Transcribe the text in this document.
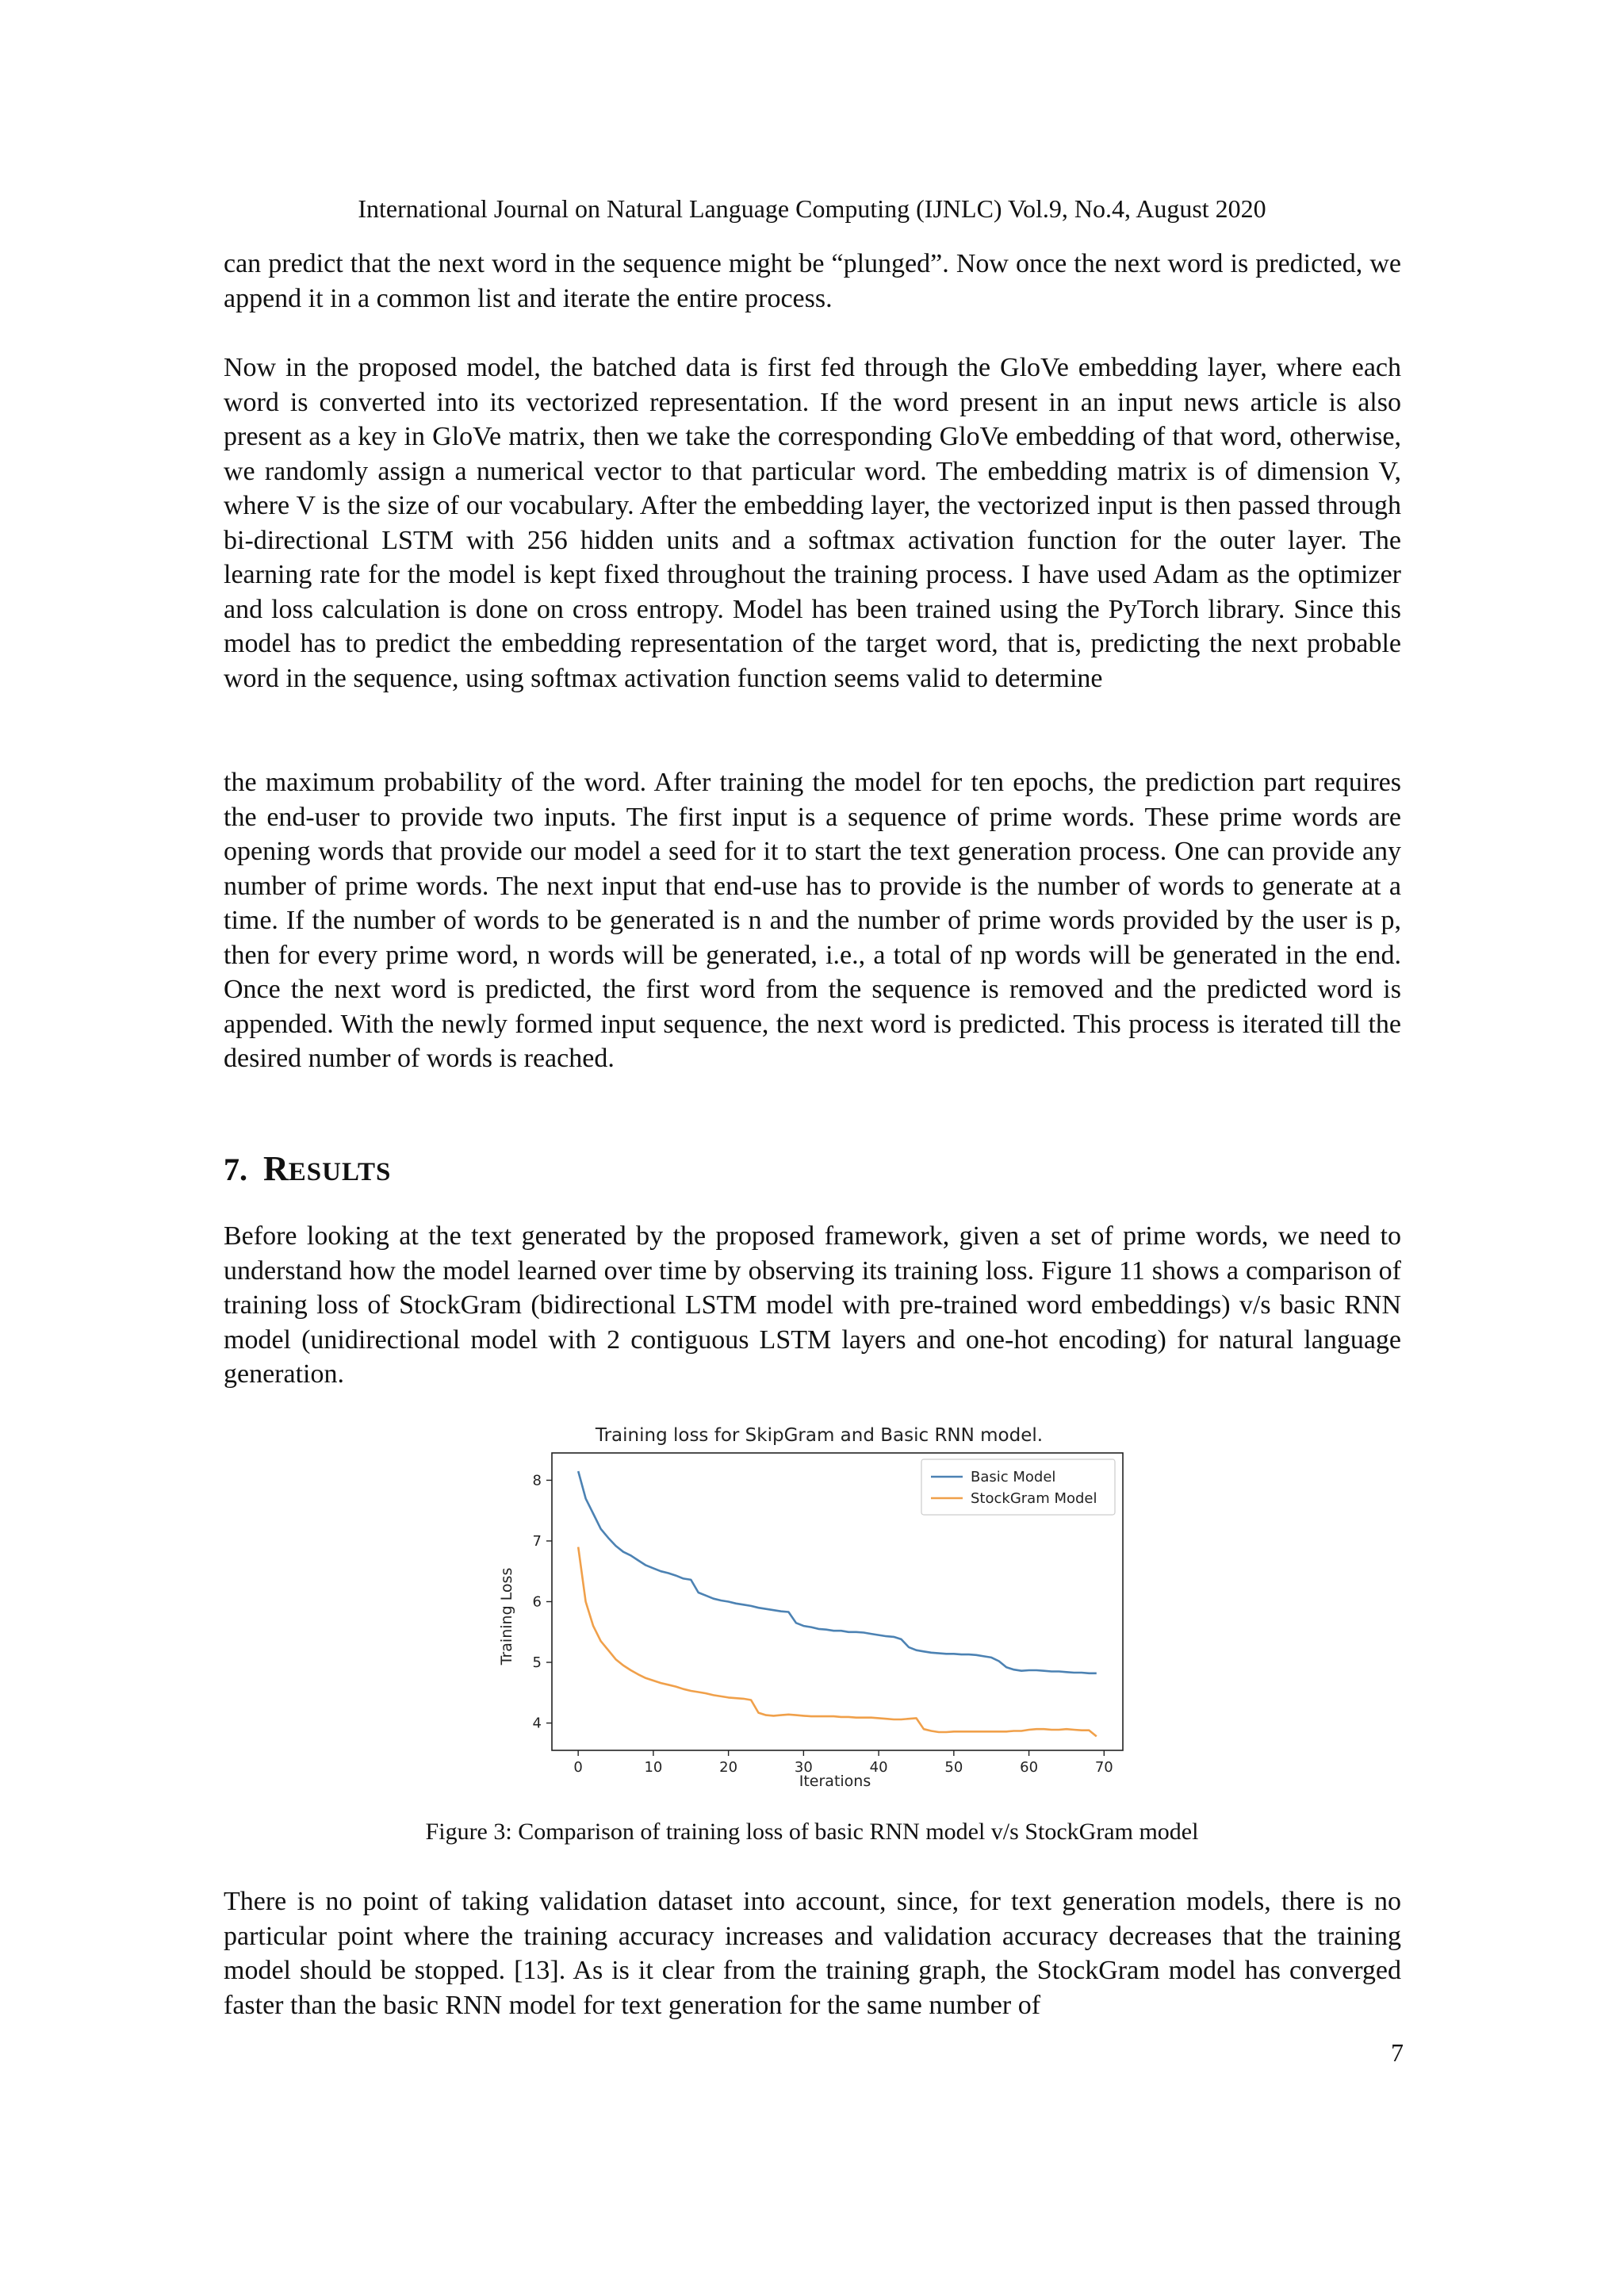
International Journal on Natural Language Computing (IJNLC) Vol.9, No.4, August 2020

can predict that the next word in the sequence might be “plunged”. Now once the next word is predicted, we append it in a common list and iterate the entire process.

Now in the proposed model, the batched data is first fed through the GloVe embedding layer, where each word is converted into its vectorized representation. If the word present in an input news article is also present as a key in GloVe matrix, then we take the corresponding GloVe embedding of that word, otherwise, we randomly assign a numerical vector to that particular word. The embedding matrix is of dimension V, where V is the size of our vocabulary. After the embedding layer, the vectorized input is then passed through bi-directional LSTM with 256 hidden units and a softmax activation function for the outer layer. The learning rate for the model is kept fixed throughout the training process. I have used Adam as the optimizer and loss calculation is done on cross entropy. Model has been trained using the PyTorch library. Since this model has to predict the embedding representation of the target word, that is, predicting the next probable word in the sequence, using softmax activation function seems valid to determine

the maximum probability of the word. After training the model for ten epochs, the prediction part requires the end-user to provide two inputs. The first input is a sequence of prime words. These prime words are opening words that provide our model a seed for it to start the text generation process. One can provide any number of prime words. The next input that end-use has to provide is the number of words to generate at a time. If the number of words to be generated is n and the number of prime words provided by the user is p, then for every prime word, n words will be generated, i.e., a total of np words will be generated in the end. Once the next word is predicted, the first word from the sequence is removed and the predicted word is appended. With the newly formed input sequence, the next word is predicted. This process is iterated till the desired number of words is reached.

7. RESULTS

Before looking at the text generated by the proposed framework, given a set of prime words, we need to understand how the model learned over time by observing its training loss. Figure 11 shows a comparison of training loss of StockGram (bidirectional LSTM model with pre-trained word embeddings) v/s basic RNN model (unidirectional model with 2 contiguous LSTM layers and one-hot encoding) for natural language generation.

Training loss for SkipGram and Basic RNN model.
4
5
6
7
8
0	10	20	30	40	50	60	70
Basic Model
StockGram Model
Training Loss
Iterations
Figure 3: Comparison of training loss of basic RNN model v/s StockGram model

There is no point of taking validation dataset into account, since, for text generation models, there is no particular point where the training accuracy increases and validation accuracy decreases that the training model should be stopped. [13]. As is it clear from the training graph, the StockGram model has converged faster than the basic RNN model for text generation for the same number of

7
